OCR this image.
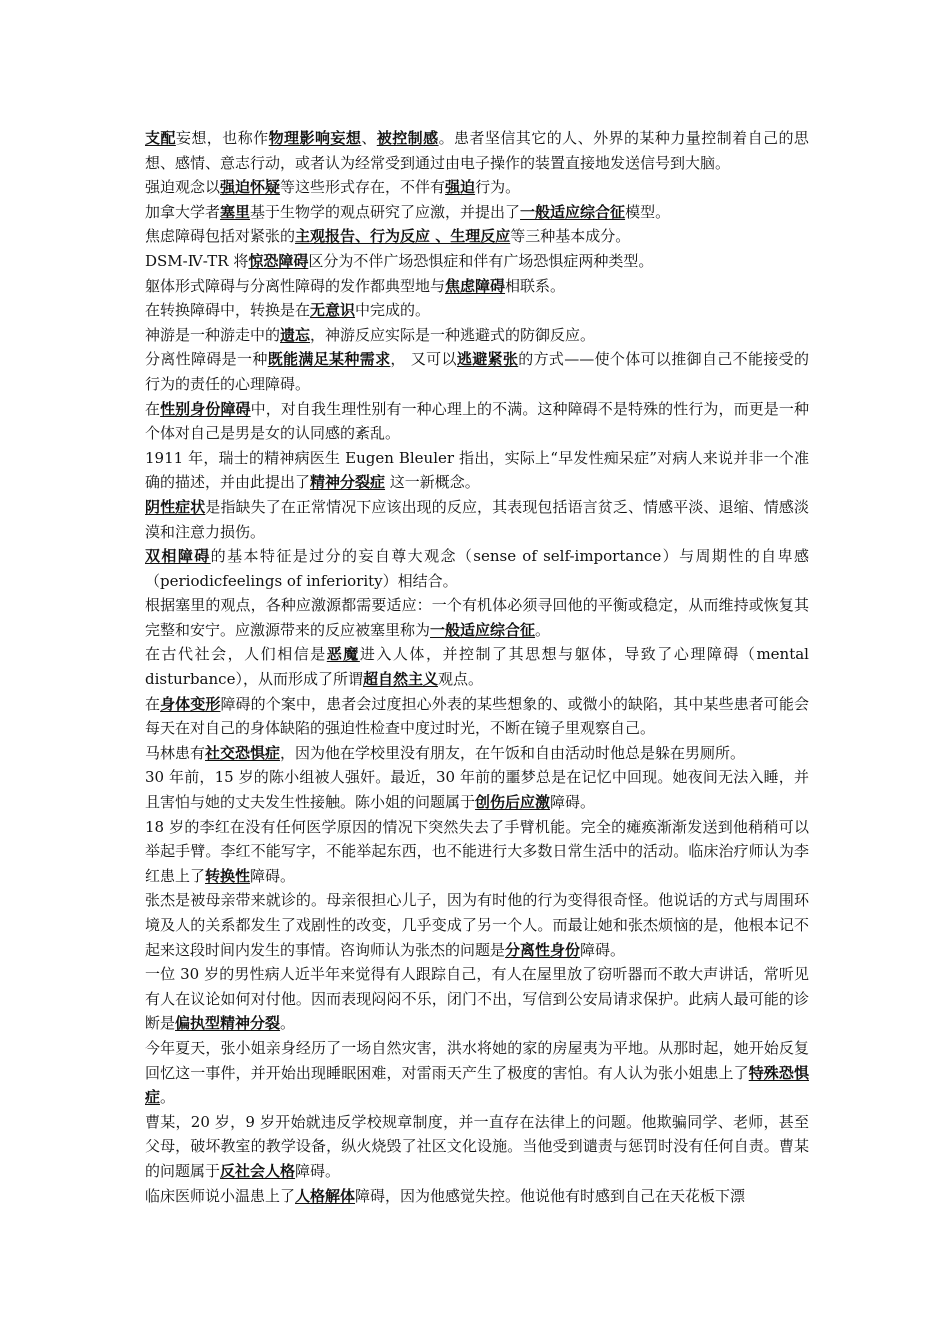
支配妄想，也称作物理影响妄想、被控制感。患者坚信其它的人、外界的某种力量控制着自己的思想、感情、意志行动，或者认为经常受到通过由电子操作的装置直接地发送信号到大脑。

强迫观念以强迫怀疑等这些形式存在，不伴有强迫行为。

加拿大学者塞里基于生物学的观点研究了应激，并提出了一般适应综合征模型。

焦虑障碍包括对紧张的主观报告、行为反应 、生理反应等三种基本成分。

DSM-Ⅳ-TR 将惊恐障碍区分为不伴广场恐惧症和伴有广场恐惧症两种类型。

躯体形式障碍与分离性障碍的发作都典型地与焦虑障碍相联系。

在转换障碍中，转换是在无意识中完成的。

神游是一种游走中的遗忘，神游反应实际是一种逃避式的防御反应。

分离性障碍是一种既能满足某种需求， 又可以逃避紧张的方式——使个体可以推御自己不能接受的行为的责任的心理障碍。

在性别身份障碍中，对自我生理性别有一种心理上的不满。这种障碍不是特殊的性行为，而更是一种个体对自己是男是女的认同感的紊乱。

1911 年，瑞士的精神病医生 Eugen Bleuler 指出，实际上“早发性痴呆症”对病人来说并非一个准确的描述，并由此提出了精神分裂症 这一新概念。

阴性症状是指缺失了在正常情况下应该出现的反应，其表现包括语言贫乏、情感平淡、退缩、情感淡漠和注意力损伤。

双相障碍的基本特征是过分的妄自尊大观念（sense of self-importance）与周期性的自卑感（periodicfeelings of inferiority）相结合。

根据塞里的观点，各种应激源都需要适应：一个有机体必须寻回他的平衡或稳定，从而维持或恢复其完整和安宁。应激源带来的反应被塞里称为一般适应综合征。

在古代社会，人们相信是恶魔进入人体，并控制了其思想与躯体，导致了心理障碍（mental disturbance），从而形成了所谓超自然主义观点。

在身体变形障碍的个案中，患者会过度担心外表的某些想象的、或微小的缺陷，其中某些患者可能会每天在对自己的身体缺陷的强迫性检查中度过时光，不断在镜子里观察自己。

马林患有社交恐惧症，因为他在学校里没有朋友，在午饭和自由活动时他总是躲在男厕所。

30 年前，15 岁的陈小组被人强奸。最近，30 年前的噩梦总是在记忆中回现。她夜间无法入睡，并且害怕与她的丈夫发生性接触。陈小姐的问题属于创伤后应激障碍。

18 岁的李红在没有任何医学原因的情况下突然失去了手臂机能。完全的瘫痪渐渐发送到他稍稍可以举起手臂。李红不能写字，不能举起东西，也不能进行大多数日常生活中的活动。临床治疗师认为李红患上了转换性障碍。

张杰是被母亲带来就诊的。母亲很担心儿子，因为有时他的行为变得很奇怪。他说话的方式与周围环境及人的关系都发生了戏剧性的改变，几乎变成了另一个人。而最让她和张杰烦恼的是，他根本记不起来这段时间内发生的事情。咨询师认为张杰的问题是分离性身份障碍。

一位 30 岁的男性病人近半年来觉得有人跟踪自己，有人在屋里放了窃听器而不敢大声讲话，常听见有人在议论如何对付他。因而表现闷闷不乐，闭门不出，写信到公安局请求保护。此病人最可能的诊断是偏执型精神分裂。

今年夏天，张小姐亲身经历了一场自然灾害，洪水将她的家的房屋夷为平地。从那时起，她开始反复回忆这一事件，并开始出现睡眠困难，对雷雨天产生了极度的害怕。有人认为张小姐患上了特殊恐惧症。

曹某，20 岁，9 岁开始就违反学校规章制度，并一直存在法律上的问题。他欺骗同学、老师，甚至父母，破坏教室的教学设备，纵火烧毁了社区文化设施。当他受到谴责与惩罚时没有任何自责。曹某的问题属于反社会人格障碍。

临床医师说小温患上了人格解体障碍，因为他感觉失控。他说他有时感到自己在天花板下漂
